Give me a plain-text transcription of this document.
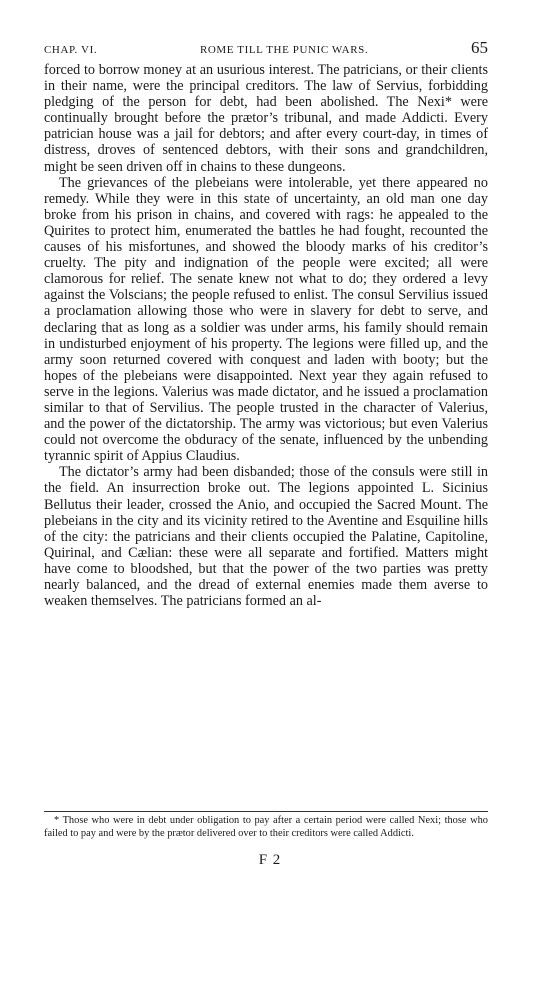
CHAP. VI.	ROME TILL THE PUNIC WARS.	65

forced to borrow money at an usurious interest. The patricians, or their clients in their name, were the principal creditors. The law of Servius, forbidding pledging of the person for debt, had been abolished. The Nexi* were continually brought before the prætor’s tribunal, and made Addicti. Every patrician house was a jail for debtors; and after every court-day, in times of distress, droves of sentenced debtors, with their sons and grandchildren, might be seen driven off in chains to these dungeons.

The grievances of the plebeians were intolerable, yet there appeared no remedy. While they were in this state of uncertainty, an old man one day broke from his prison in chains, and covered with rags: he appealed to the Quirites to protect him, enumerated the battles he had fought, recounted the causes of his misfortunes, and showed the bloody marks of his creditor’s cruelty. The pity and indignation of the people were excited; all were clamorous for relief. The senate knew not what to do; they ordered a levy against the Volscians; the people refused to enlist. The consul Servilius issued a proclamation allowing those who were in slavery for debt to serve, and declaring that as long as a soldier was under arms, his family should remain in undisturbed enjoyment of his property. The legions were filled up, and the army soon returned covered with conquest and laden with booty; but the hopes of the plebeians were disappointed. Next year they again refused to serve in the legions. Valerius was made dictator, and he issued a proclamation similar to that of Servilius. The people trusted in the character of Valerius, and the power of the dictatorship. The army was victorious; but even Valerius could not overcome the obduracy of the senate, influenced by the unbending tyrannic spirit of Appius Claudius.

The dictator’s army had been disbanded; those of the consuls were still in the field. An insurrection broke out. The legions appointed L. Sicinius Bellutus their leader, crossed the Anio, and occupied the Sacred Mount. The plebeians in the city and its vicinity retired to the Aventine and Esquiline hills of the city: the patricians and their clients occupied the Palatine, Capitoline, Quirinal, and Cælian: these were all separate and fortified. Matters might have come to bloodshed, but that the power of the two parties was pretty nearly balanced, and the dread of external enemies made them averse to weaken themselves. The patricians formed an al-

* Those who were in debt under obligation to pay after a certain period were called Nexi; those who failed to pay and were by the prætor delivered over to their creditors were called Addicti.

F 2
